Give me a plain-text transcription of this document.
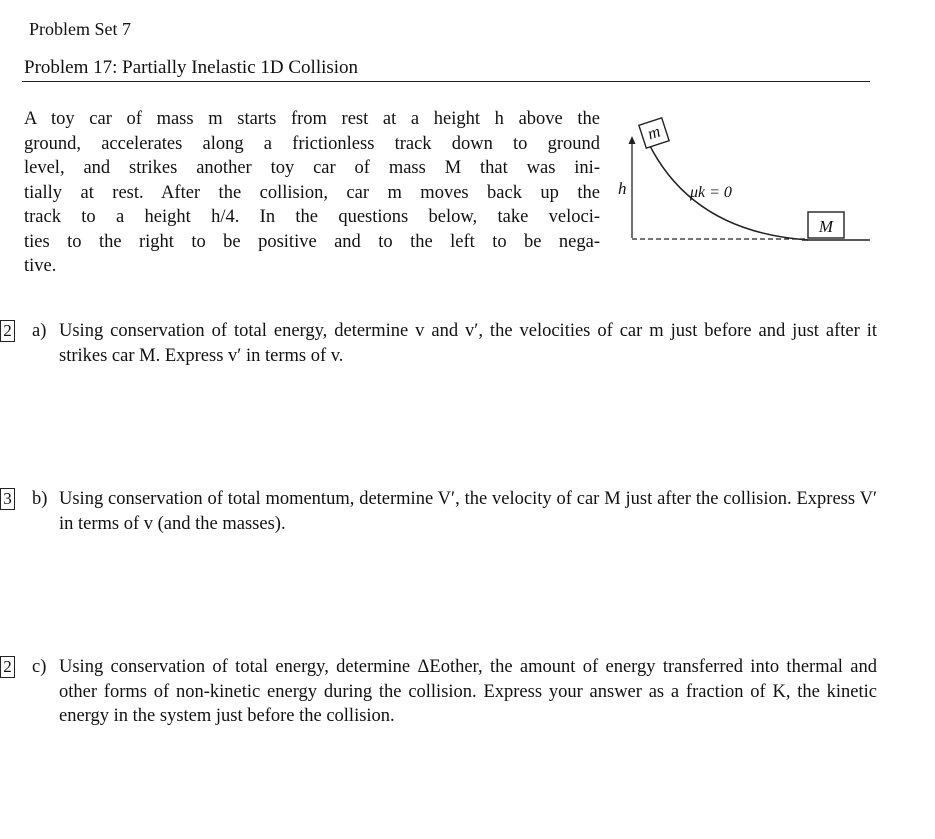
Problem Set 7
Problem 17: Partially Inelastic 1D Collision
A toy car of mass m starts from rest at a height h above the
ground, accelerates along a frictionless track down to ground
level, and strikes another toy car of mass M that was ini-
tially at rest. After the collision, car m moves back up the
track to a height h/4. In the questions below, take veloci-
ties to the right to be positive and to the left to be nega-
tive.
h
m
μk = 0
M
2 a) Using conservation of total energy, determine v and v′, the velocities of car m just before and just after it strikes car M. Express v′ in terms of v.
3 b) Using conservation of total momentum, determine V′, the velocity of car M just after the collision. Express V′ in terms of v (and the masses).
2 c) Using conservation of total energy, determine ΔEother, the amount of energy transferred into thermal and other forms of non-kinetic energy during the collision. Express your answer as a fraction of K, the kinetic energy in the system just before the collision.
